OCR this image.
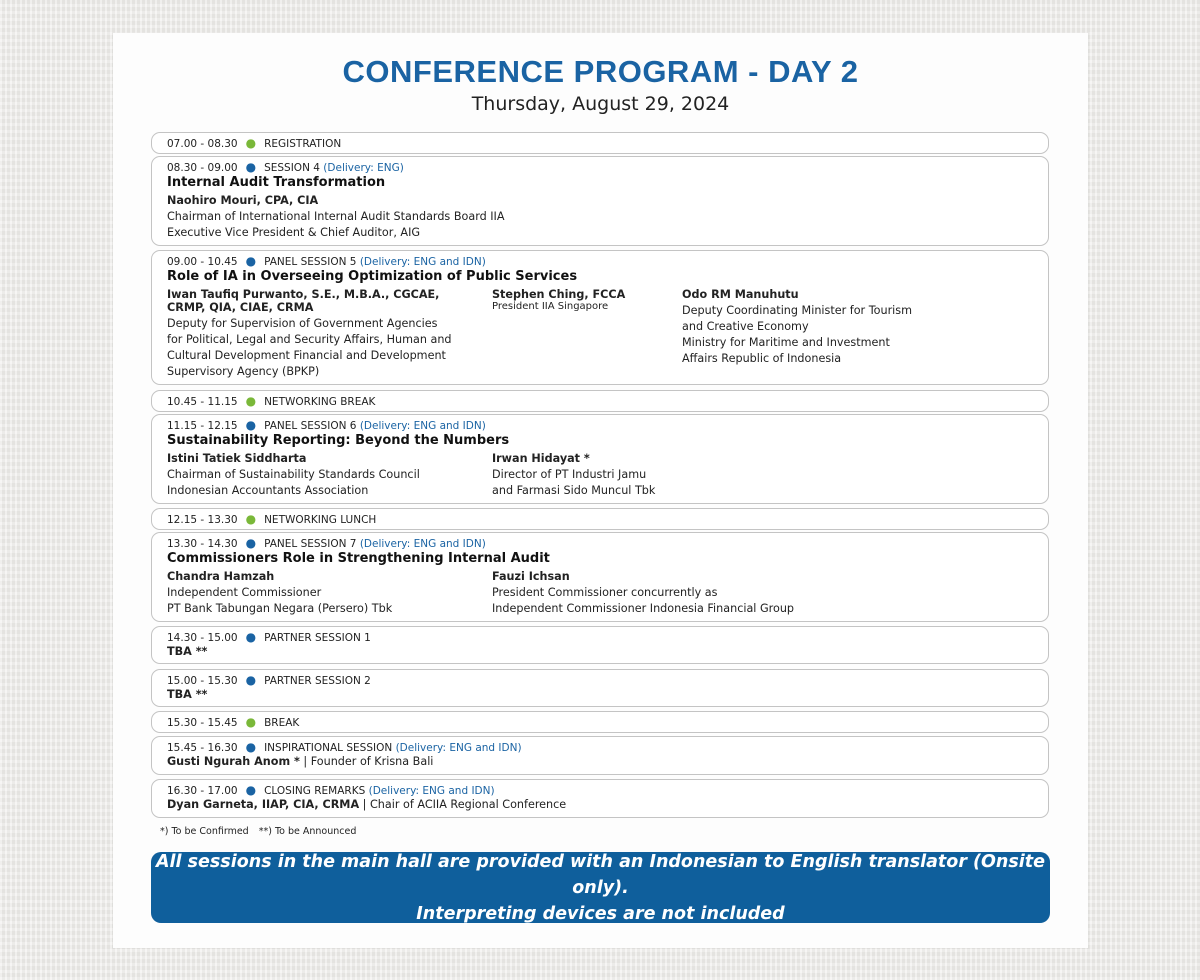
CONFERENCE PROGRAM - DAY 2
Thursday, August 29, 2024
07.00 - 08.30 ● REGISTRATION
08.30 - 09.00 ● SESSION 4 (Delivery: ENG)
Internal Audit Transformation
Naohiro Mouri, CPA, CIA
Chairman of International Internal Audit Standards Board IIA
Executive Vice President & Chief Auditor, AIG
09.00 - 10.45 ● PANEL SESSION 5 (Delivery: ENG and IDN)
Role of IA in Overseeing Optimization of Public Services
Iwan Taufiq Purwanto, S.E., M.B.A., CGCAE,
CRMP, QIA, CIAE, CRMA
Deputy for Supervision of Government Agencies
for Political, Legal and Security Affairs, Human and
Cultural Development Financial and Development
Supervisory Agency (BPKP)
Stephen Ching, FCCA
President IIA Singapore
Odo RM Manuhutu
Deputy Coordinating Minister for Tourism
and Creative Economy
Ministry for Maritime and Investment
Affairs Republic of Indonesia
10.45 - 11.15 ● NETWORKING BREAK
11.15 - 12.15 ● PANEL SESSION 6 (Delivery: ENG and IDN)
Sustainability Reporting: Beyond the Numbers
Istini Tatiek Siddharta
Chairman of Sustainability Standards Council
Indonesian Accountants Association
Irwan Hidayat *
Director of PT Industri Jamu
and Farmasi Sido Muncul Tbk
12.15 - 13.30 ● NETWORKING LUNCH
13.30 - 14.30 ● PANEL SESSION 7 (Delivery: ENG and IDN)
Commissioners Role in Strengthening Internal Audit
Chandra Hamzah
Independent Commissioner
PT Bank Tabungan Negara (Persero) Tbk
Fauzi Ichsan
President Commissioner concurrently as
Independent Commissioner Indonesia Financial Group
14.30 - 15.00 ● PARTNER SESSION 1
TBA **
15.00 - 15.30 ● PARTNER SESSION 2
TBA **
15.30 - 15.45 ● BREAK
15.45 - 16.30 ● INSPIRATIONAL SESSION (Delivery: ENG and IDN)
Gusti Ngurah Anom * | Founder of Krisna Bali
16.30 - 17.00 ● CLOSING REMARKS (Delivery: ENG and IDN)
Dyan Garneta, IIAP, CIA, CRMA | Chair of ACIIA Regional Conference
*) To be Confirmed **) To be Announced
All sessions in the main hall are provided with an Indonesian to English translator (Onsite only).
Interpreting devices are not included
